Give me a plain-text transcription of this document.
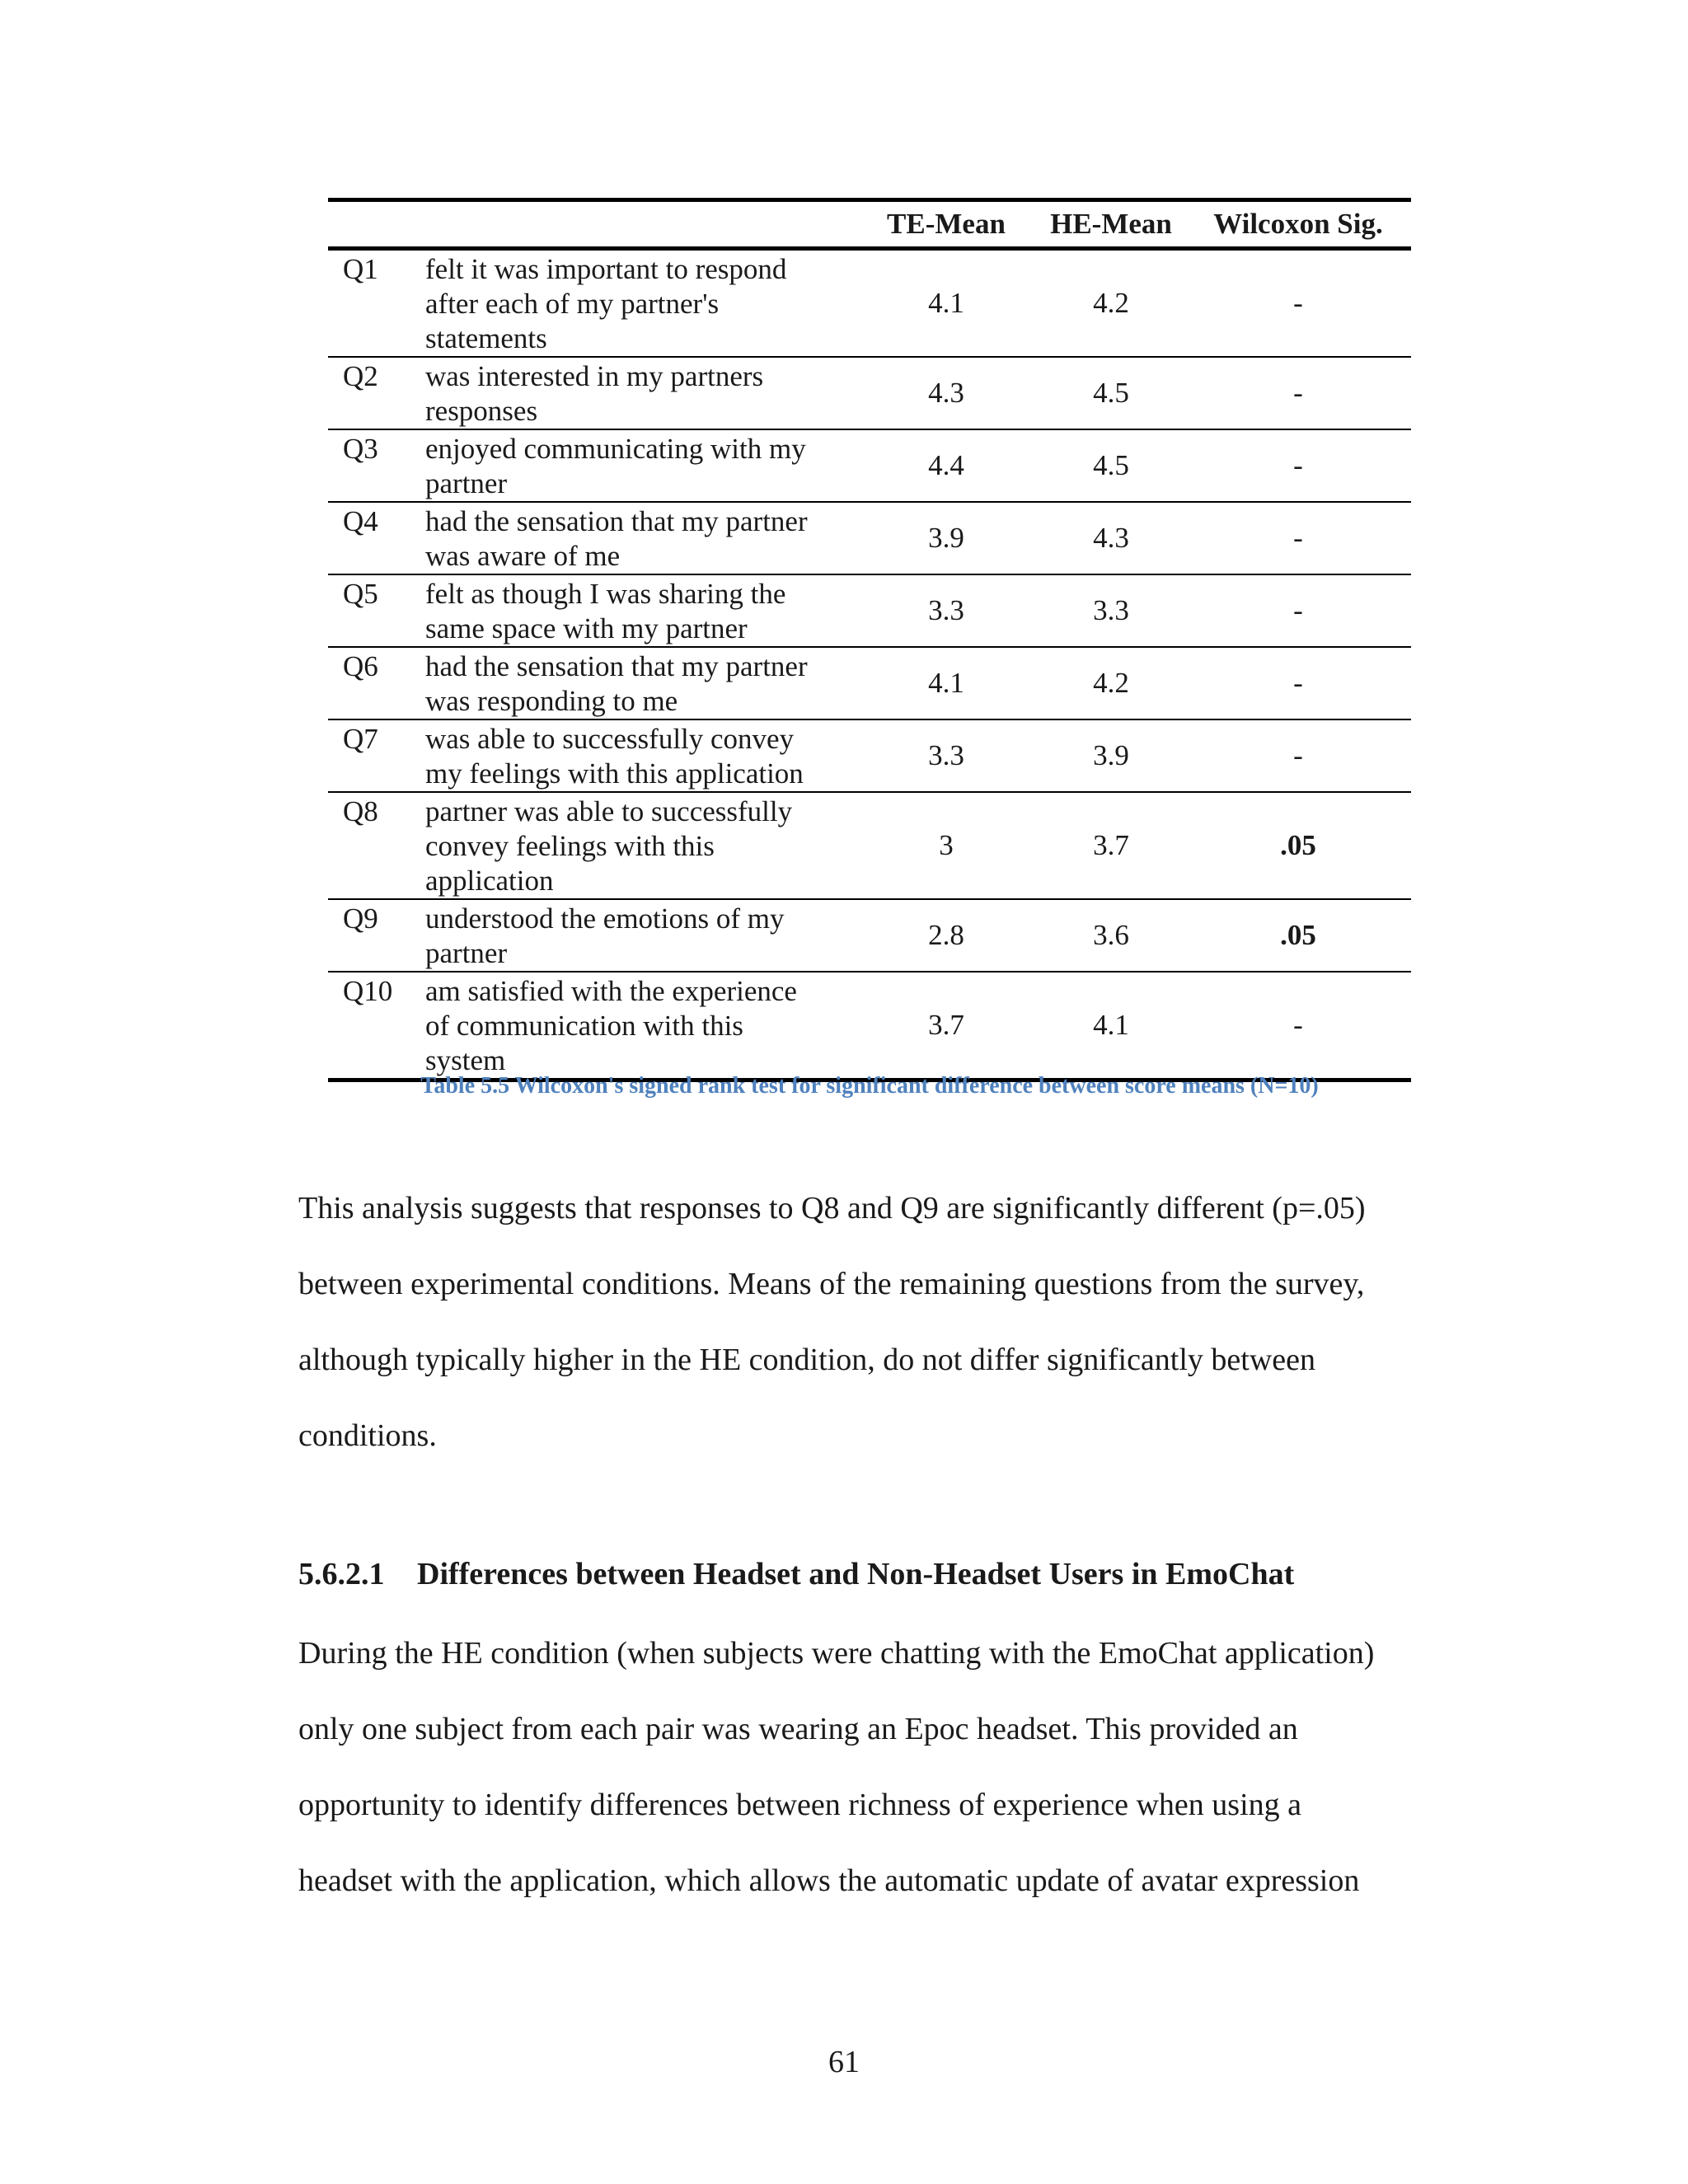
		TE-Mean	HE-Mean	Wilcoxon Sig.
Q1	felt it was important to respond
after each of my partner's
statements	4.1	4.2	-
Q2	was interested in my partners
responses	4.3	4.5	-
Q3	enjoyed communicating with my
partner	4.4	4.5	-
Q4	had the sensation that my partner
was aware of me	3.9	4.3	-
Q5	felt as though I was sharing the
same space with my partner	3.3	3.3	-
Q6	had the sensation that my partner
was responding to me	4.1	4.2	-
Q7	was able to successfully convey
my feelings with this application	3.3	3.9	-
Q8	partner was able to successfully
convey feelings with this
application	3	3.7	.05
Q9	understood the emotions of my
partner	2.8	3.6	.05
Q10	am satisfied with the experience
of communication with this
system	3.7	4.1	-
Table 5.5 Wilcoxon's signed rank test for significant difference between score means (N=10)
This analysis suggests that responses to Q8 and Q9 are significantly different (p=.05)
between experimental conditions. Means of the remaining questions from the survey,
although typically higher in the HE condition, do not differ significantly between
conditions.
5.6.2.1 Differences between Headset and Non-Headset Users in EmoChat
During the HE condition (when subjects were chatting with the EmoChat application)
only one subject from each pair was wearing an Epoc headset. This provided an
opportunity to identify differences between richness of experience when using a
headset with the application, which allows the automatic update of avatar expression
61
